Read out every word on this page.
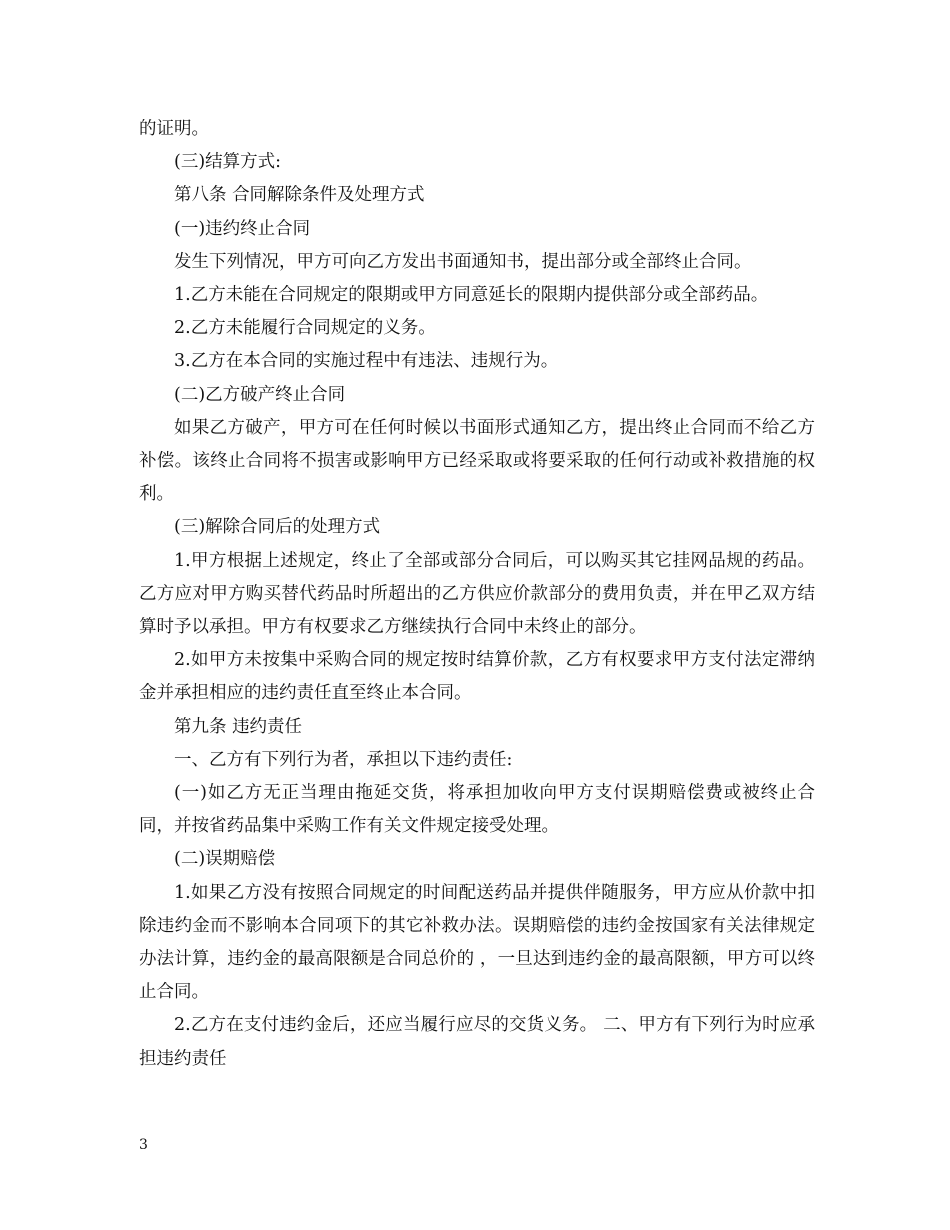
的证明。

(三)结算方式:

第八条 合同解除条件及处理方式

(一)违约终止合同

发生下列情况，甲方可向乙方发出书面通知书，提出部分或全部终止合同。

1.乙方未能在合同规定的限期或甲方同意延长的限期内提供部分或全部药品。

2.乙方未能履行合同规定的义务。

3.乙方在本合同的实施过程中有违法、违规行为。

(二)乙方破产终止合同

如果乙方破产，甲方可在任何时候以书面形式通知乙方，提出终止合同而不给乙方补偿。该终止合同将不损害或影响甲方已经采取或将要采取的任何行动或补救措施的权利。

(三)解除合同后的处理方式

1.甲方根据上述规定，终止了全部或部分合同后，可以购买其它挂网品规的药品。乙方应对甲方购买替代药品时所超出的乙方供应价款部分的费用负责，并在甲乙双方结算时予以承担。甲方有权要求乙方继续执行合同中未终止的部分。

2.如甲方未按集中采购合同的规定按时结算价款，乙方有权要求甲方支付法定滞纳金并承担相应的违约责任直至终止本合同。

第九条 违约责任

一、乙方有下列行为者，承担以下违约责任:

(一)如乙方无正当理由拖延交货，将承担加收向甲方支付误期赔偿费或被终止合同，并按省药品集中采购工作有关文件规定接受处理。

(二)误期赔偿

1.如果乙方没有按照合同规定的时间配送药品并提供伴随服务，甲方应从价款中扣除违约金而不影响本合同项下的其它补救办法。误期赔偿的违约金按国家有关法律规定办法计算，违约金的最高限额是合同总价的 ，一旦达到违约金的最高限额，甲方可以终止合同。

2.乙方在支付违约金后，还应当履行应尽的交货义务。 二、甲方有下列行为时应承担违约责任

3
